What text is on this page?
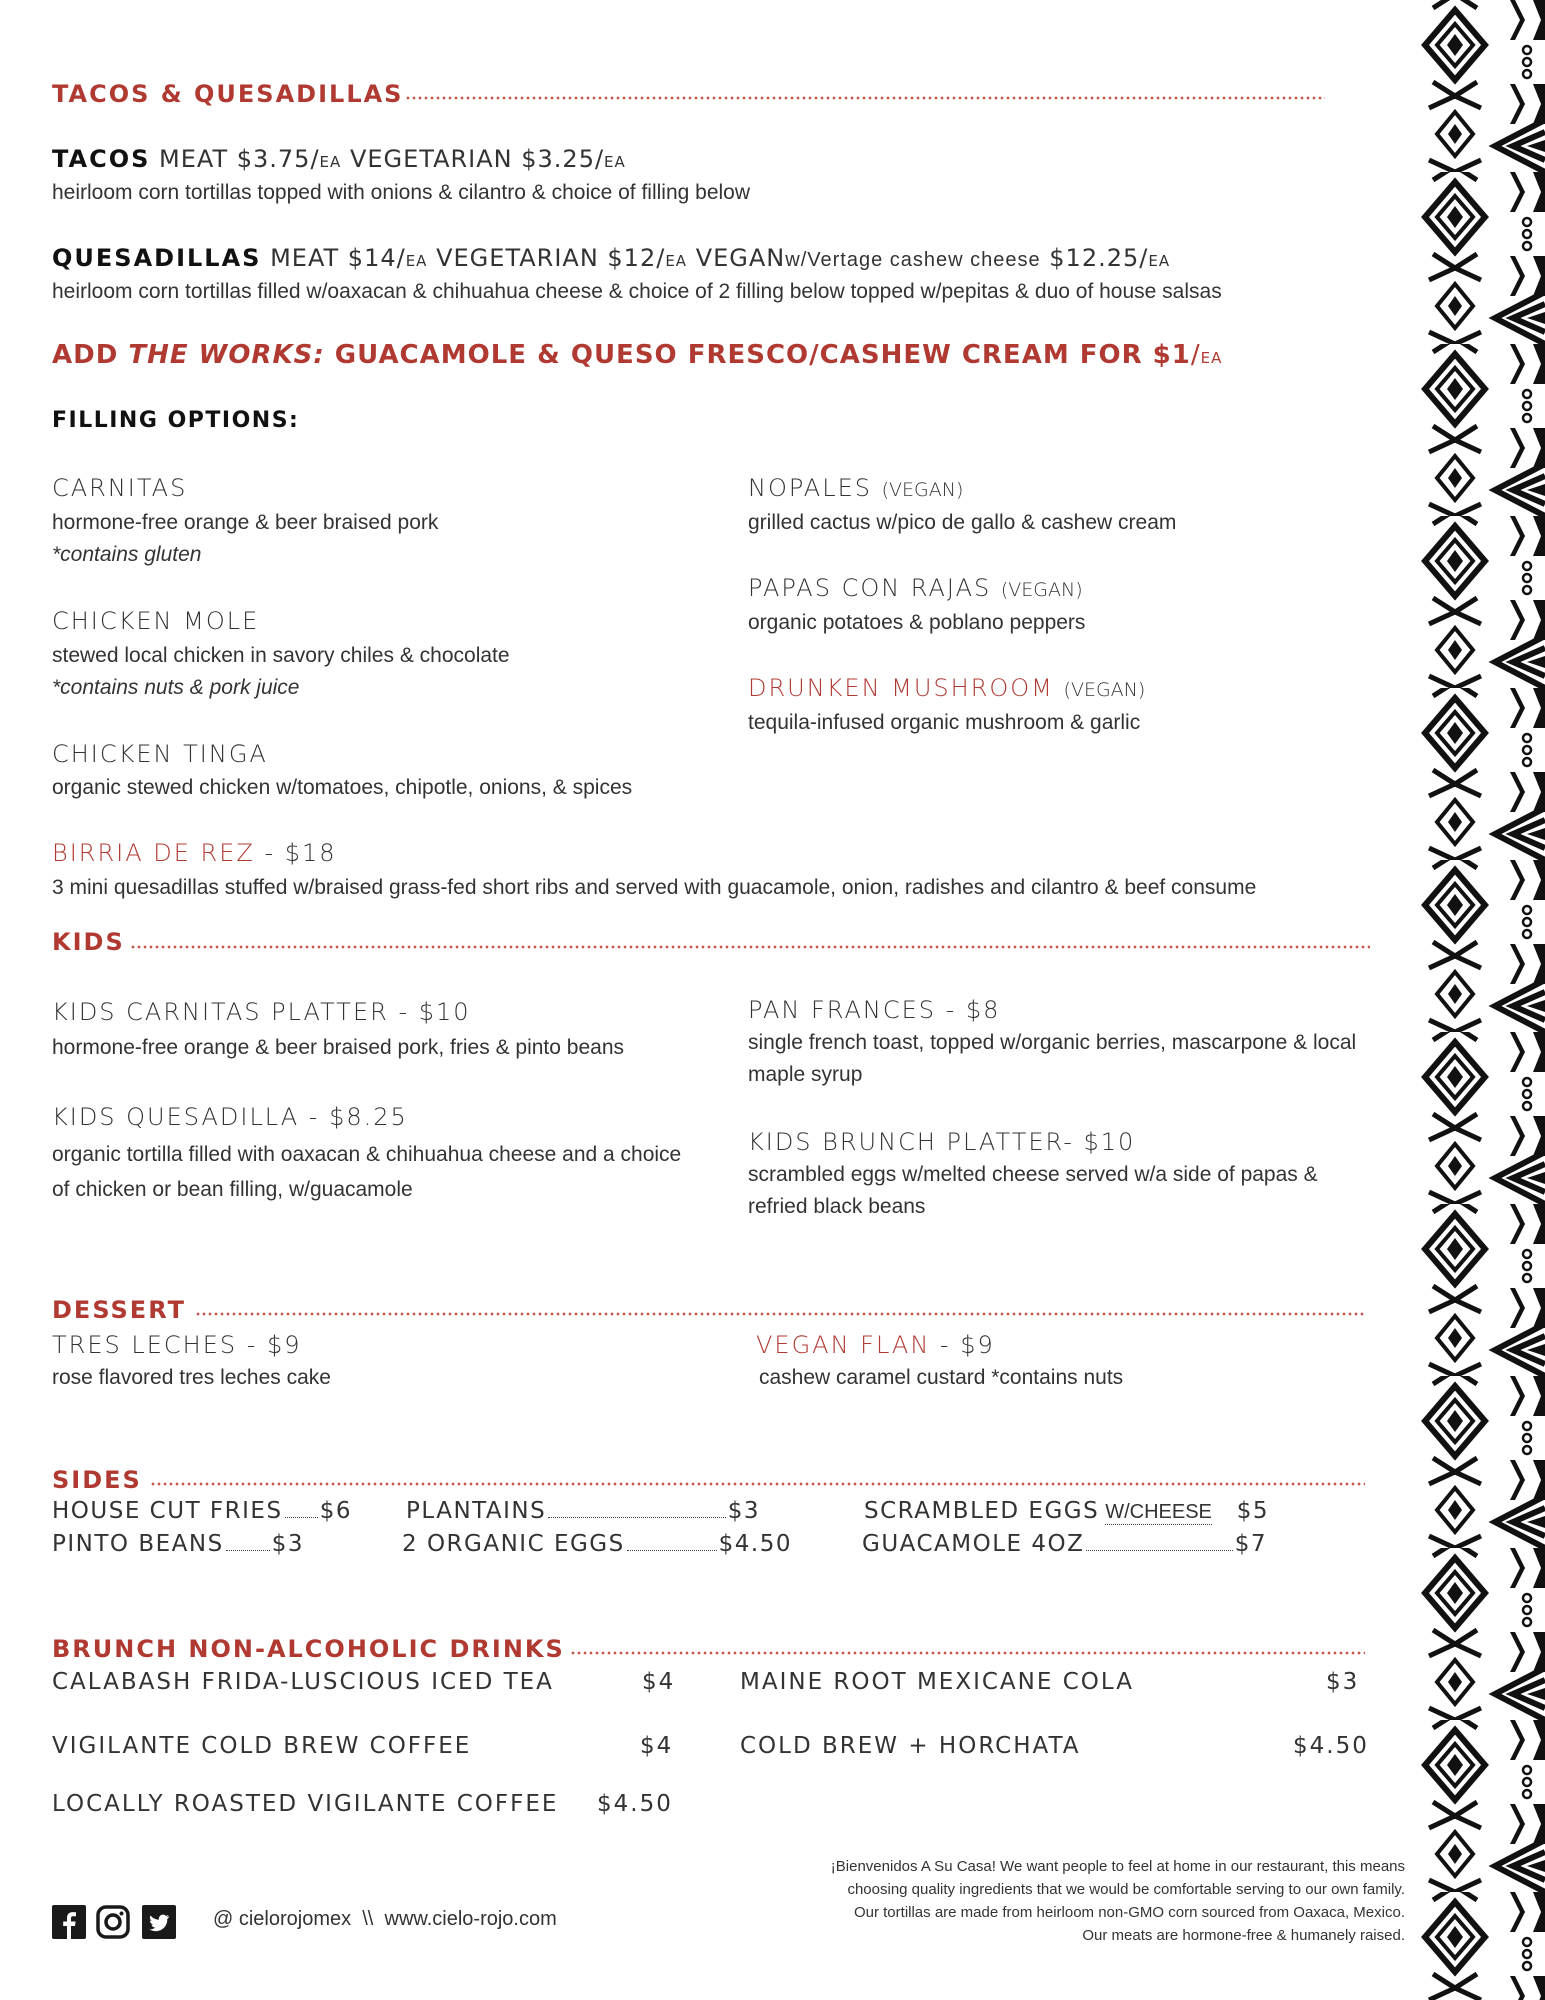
TACOS & QUESADILLAS
TACOS MEAT $3.75/EA VEGETARIAN $3.25/EA
heirloom corn tortillas topped with onions & cilantro & choice of filling below
QUESADILLAS MEAT $14/EA VEGETARIAN $12/EA VEGANw/Vertage cashew cheese $12.25/EA
heirloom corn tortillas filled w/oaxacan & chihuahua cheese & choice of 2 filling below topped w/pepitas & duo of house salsas
ADD THE WORKS: GUACAMOLE & QUESO FRESCO/CASHEW CREAM FOR $1/EA
FILLING OPTIONS:
CARNITAS
hormone-free orange & beer braised pork
*contains gluten
CHICKEN MOLE
stewed local chicken in savory chiles & chocolate
*contains nuts & pork juice
CHICKEN TINGA
organic stewed chicken w/tomatoes, chipotle, onions, & spices
NOPALES (VEGAN)
grilled cactus w/pico de gallo & cashew cream
PAPAS CON RAJAS (VEGAN)
organic potatoes & poblano peppers
DRUNKEN MUSHROOM (VEGAN)
tequila-infused organic mushroom & garlic
BIRRIA DE REZ - $18
3 mini quesadillas stuffed w/braised grass-fed short ribs and served with guacamole, onion, radishes and cilantro & beef consume
KIDS
KIDS CARNITAS PLATTER - $10
hormone-free orange & beer braised pork, fries & pinto beans
KIDS QUESADILLA - $8.25
organic tortilla filled with oaxacan & chihuahua cheese and a choice of chicken or bean filling, w/guacamole
PAN FRANCES - $8
single french toast, topped w/organic berries, mascarpone & local maple syrup
KIDS BRUNCH PLATTER- $10
scrambled eggs w/melted cheese served w/a side of papas & refried black beans
DESSERT
TRES LECHES - $9
rose flavored tres leches cake
VEGAN FLAN - $9
cashew caramel custard *contains nuts
SIDES
HOUSE CUT FRIES $6
PINTO BEANS $3
PLANTAINS	$3
2 ORGANIC EGGS	$4.50
SCRAMBLED EGGS W/CHEESE $5
GUACAMOLE 4OZ	$7
BRUNCH NON-ALCOHOLIC DRINKS
CALABASH FRIDA-LUSCIOUS ICED TEA	$4
VIGILANTE COLD BREW COFFEE	$4
LOCALLY ROASTED VIGILANTE COFFEE $4.50
MAINE ROOT MEXICANE COLA	$3
COLD BREW + HORCHATA	$4.50
@ cielorojomex \\ www.cielo-rojo.com
¡Bienvenidos A Su Casa! We want people to feel at home in our restaurant, this means
choosing quality ingredients that we would be comfortable serving to our own family.
Our tortillas are made from heirloom non-GMO corn sourced from Oaxaca, Mexico.
Our meats are hormone-free & humanely raised.
